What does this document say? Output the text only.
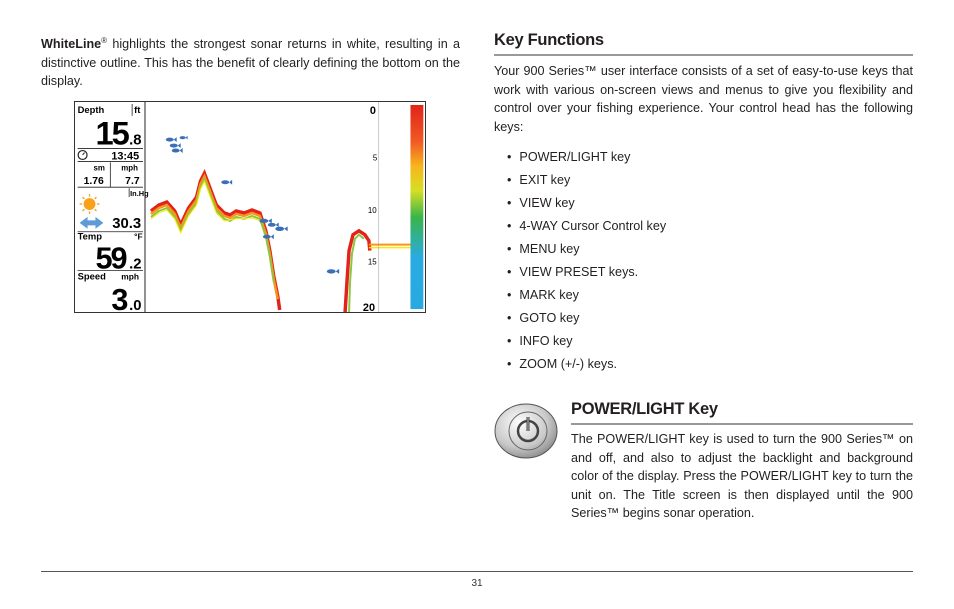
WhiteLine® highlights the strongest sonar returns in white, resulting in a distinctive outline. This has the benefit of clearly defining the bottom on the display.
Depth	ft
15 .8
13:45
sm mph
1.76 7.7
In.Hg
30.3
Temp	°F
59 .2
Speed mph
3 .0
0
5
10
15
20
Key Functions
Your 900 Series™ user interface consists of a set of easy-to-use keys that work with various on-screen views and menus to give you flexibility and control over your fishing experience. Your control head has the following keys:
• POWER/LIGHT key
• EXIT key
• VIEW key
• 4-WAY Cursor Control key
• MENU key
• VIEW PRESET keys.
• MARK key
• GOTO key
• INFO key
• ZOOM (+/-) keys.
POWER/LIGHT Key
The POWER/LIGHT key is used to turn the 900 Series™ on and off, and also to adjust the backlight and background color of the display. Press the POWER/LIGHT key to turn the unit on. The Title screen is then displayed until the 900 Series™ begins sonar operation.
31
